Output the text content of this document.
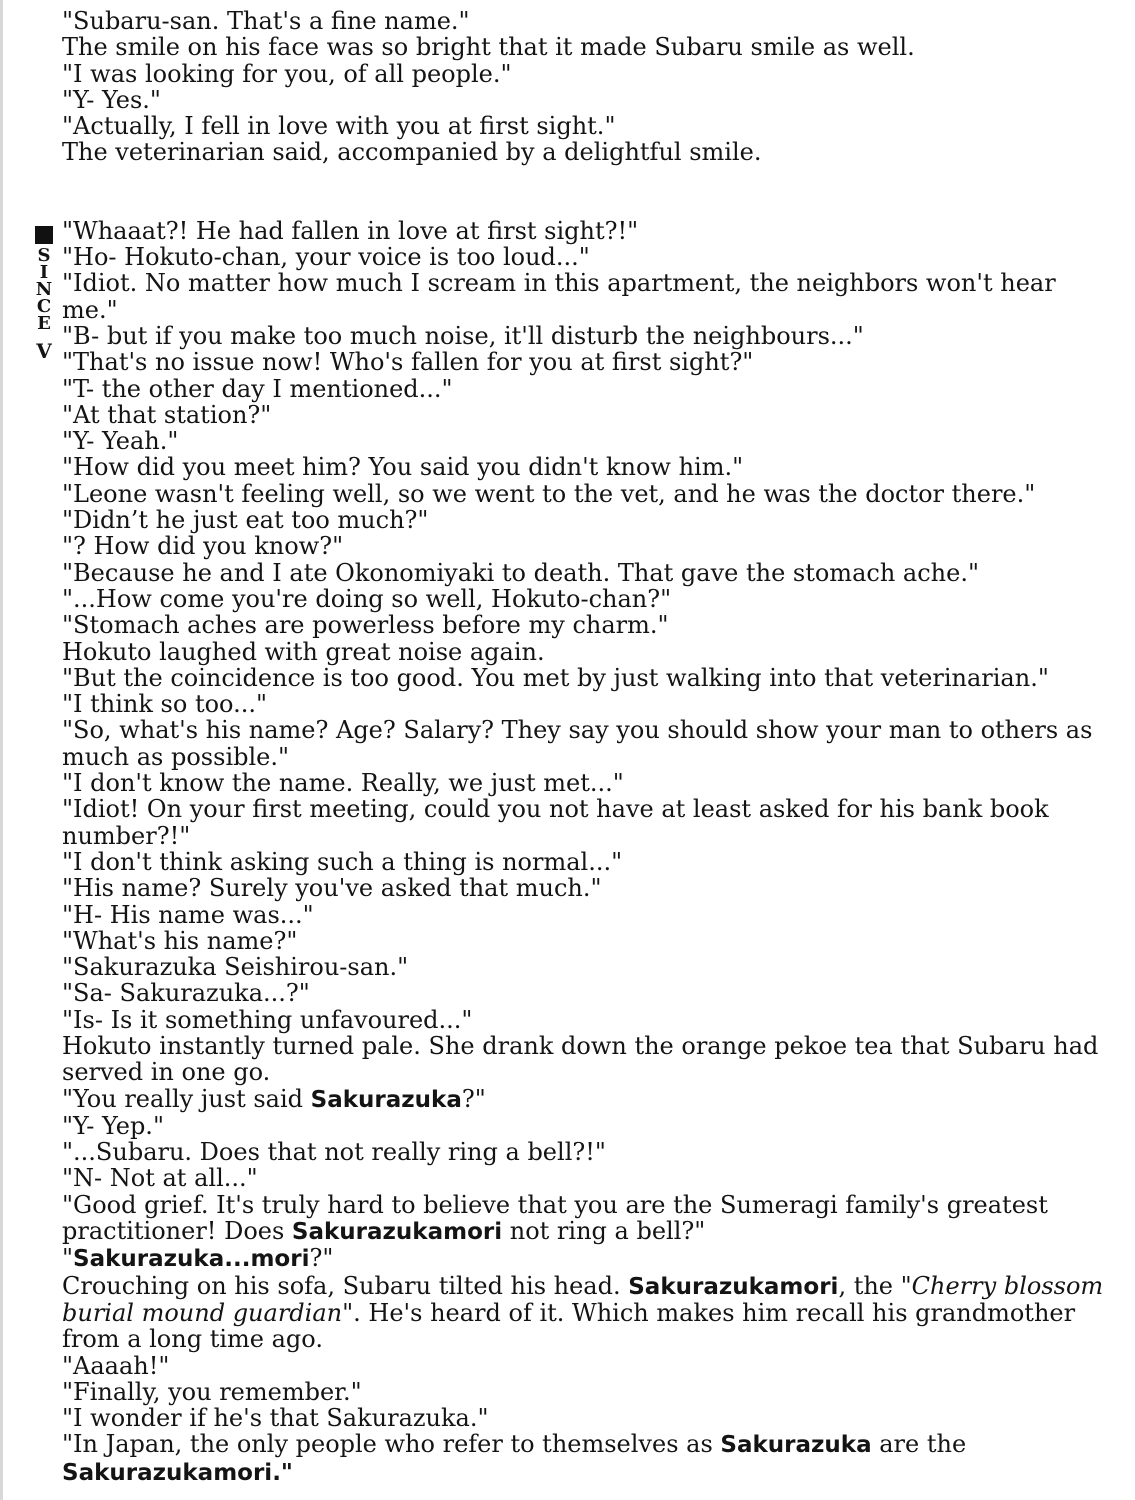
S
I
N
C
E
V

"Subaru-san. That's a fine name."

The smile on his face was so bright that it made Subaru smile as well.

"I was looking for you, of all people."

"Y- Yes."

"Actually, I fell in love with you at first sight."

The veterinarian said, accompanied by a delightful smile.

"Whaaat?! He had fallen in love at first sight?!"

"Ho- Hokuto-chan, your voice is too loud..."

"Idiot. No matter how much I scream in this apartment, the neighbors won't hear me."

"B- but if you make too much noise, it'll disturb the neighbours..."

"That's no issue now! Who's fallen for you at first sight?"

"T- the other day I mentioned..."

"At that station?"

"Y- Yeah."

"How did you meet him? You said you didn't know him."

"Leone wasn't feeling well, so we went to the vet, and he was the doctor there."

"Didn’t he just eat too much?"

"? How did you know?"

"Because he and I ate Okonomiyaki to death. That gave the stomach ache."

"...How come you're doing so well, Hokuto-chan?"

"Stomach aches are powerless before my charm."

Hokuto laughed with great noise again.

"But the coincidence is too good. You met by just walking into that veterinarian."

"I think so too..."

"So, what's his name? Age? Salary? They say you should show your man to others as much as possible."

"I don't know the name. Really, we just met..."

"Idiot! On your first meeting, could you not have at least asked for his bank book number?!"

"I don't think asking such a thing is normal..."

"His name? Surely you've asked that much."

"H- His name was..."

"What's his name?"

"Sakurazuka Seishirou-san."

"Sa- Sakurazuka...?"

"Is- Is it something unfavoured..."

Hokuto instantly turned pale. She drank down the orange pekoe tea that Subaru had served in one go.

"You really just said Sakurazuka?"

"Y- Yep."

"...Subaru. Does that not really ring a bell?!"

"N- Not at all..."

"Good grief. It's truly hard to believe that you are the Sumeragi family's greatest practitioner! Does Sakurazukamori not ring a bell?"

"Sakurazuka...mori?"

Crouching on his sofa, Subaru tilted his head. Sakurazukamori, the "Cherry blossom burial mound guardian". He's heard of it. Which makes him recall his grandmother from a long time ago.

"Aaaah!"

"Finally, you remember."

"I wonder if he's that Sakurazuka."

"In Japan, the only people who refer to themselves as Sakurazuka are the
Sakurazukamori."
